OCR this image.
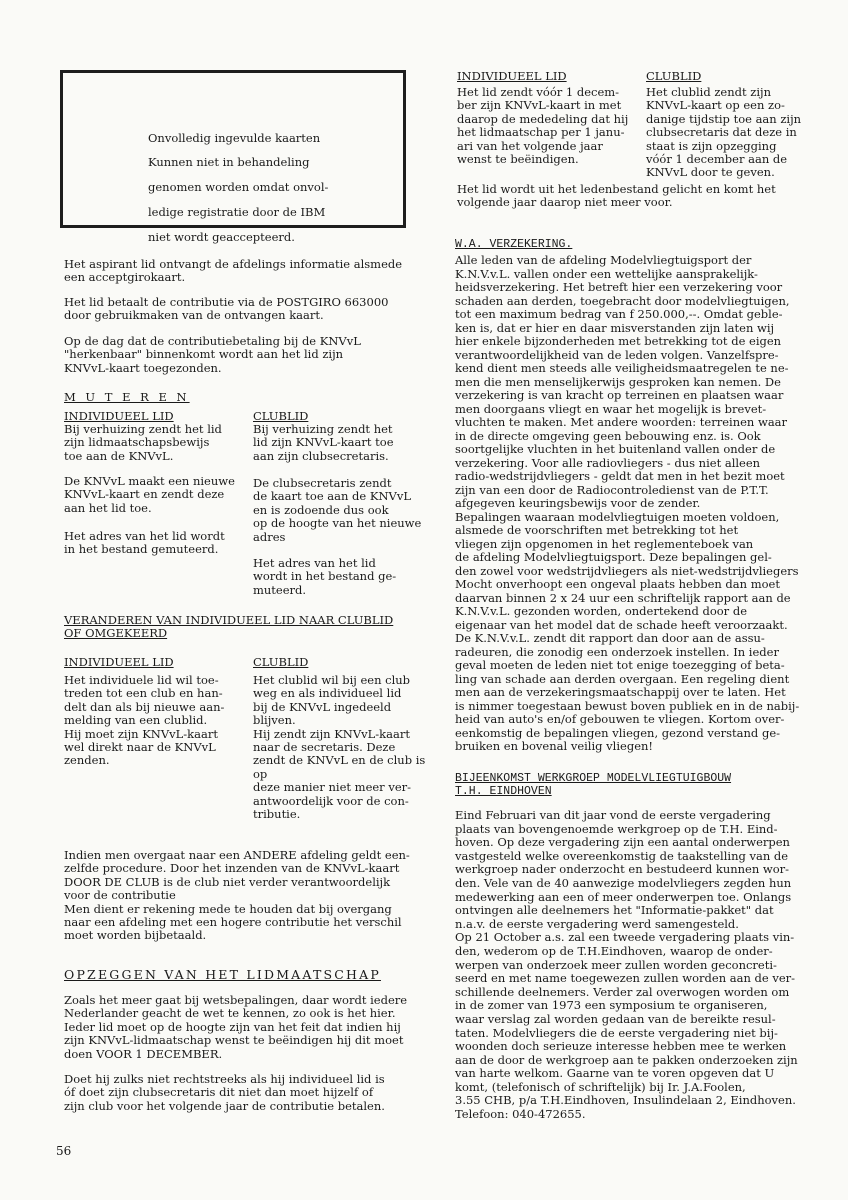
Onvolledig ingevulde kaarten

Kunnen niet in behandeling

genomen worden omdat onvol-

ledige registratie door de IBM

niet wordt geaccepteerd.

INDIVIDUEEL LID

Het lid zendt vóór 1 decem-

ber zijn KNVvL-kaart in met

daarop de mededeling dat hij

het lidmaatschap per 1 janu-

ari van het volgende jaar

wenst te beëindigen.

CLUBLID

Het clublid zendt zijn

KNVvL-kaart op een zo-

danige tijdstip toe aan zijn

clubsecretaris dat deze in

staat is zijn opzegging

vóór 1 december aan de

KNVvL door te geven.

Het lid wordt uit het ledenbestand gelicht en komt het

volgende jaar daarop niet meer voor.

Het aspirant lid ontvangt de afdelings informatie alsmede

een acceptgirokaart.

Het lid betaalt de contributie via de POSTGIRO 663000

door gebruikmaken van de ontvangen kaart.

Op de dag dat de contributiebetaling bij de KNVvL

"herkenbaar" binnenkomt wordt aan het lid zijn

KNVvL-kaart toegezonden.

M U T E R E N
INDIVIDUEEL LID

Bij verhuizing zendt het lid

zijn lidmaatschapsbewijs

toe aan de KNVvL.

De KNVvL maakt een nieuwe

KNVvL-kaart en zendt deze

aan het lid toe.

Het adres van het lid wordt

in het bestand gemuteerd.

CLUBLID

Bij verhuizing zendt het

lid zijn KNVvL-kaart toe

aan zijn clubsecretaris.

De clubsecretaris zendt

de kaart toe aan de KNVvL

en is zodoende dus ook

op de hoogte van het nieuwe

adres

Het adres van het lid

wordt in het bestand ge-

muteerd.

VERANDEREN VAN INDIVIDUEEL LID NAAR CLUBLID

OF OMGEKEERD

INDIVIDUEEL LID

Het individuele lid wil toe-

treden tot een club en han-

delt dan als bij nieuwe aan-

melding van een clublid.

Hij moet zijn KNVvL-kaart

wel direkt naar de KNVvL

zenden.

CLUBLID

Het clublid wil bij een club

weg en als individueel lid

bij de KNVvL ingedeeld

blijven.

Hij zendt zijn KNVvL-kaart

naar de secretaris. Deze

zendt de KNVvL en de club is op

deze manier niet meer ver-

antwoordelijk voor de con-

tributie.

Indien men overgaat naar een ANDERE afdeling geldt een-

zelfde procedure. Door het inzenden van de KNVvL-kaart

DOOR DE CLUB is de club niet verder verantwoordelijk

voor de contributie

Men dient er rekening mede te houden dat bij overgang

naar een afdeling met een hogere contributie het verschil

moet worden bijbetaald.

OPZEGGEN VAN HET LIDMAATSCHAP

Zoals het meer gaat bij wetsbepalingen, daar wordt iedere

Nederlander geacht de wet te kennen, zo ook is het hier.

Ieder lid moet op de hoogte zijn van het feit dat indien hij

zijn KNVvL-lidmaatschap wenst te beëindigen hij dit moet

doen VOOR 1 DECEMBER.

Doet hij zulks niet rechtstreeks als hij individueel lid is

óf doet zijn clubsecretaris dit niet dan moet hijzelf of

zijn club voor het volgende jaar de contributie betalen.

W.A. VERZEKERING.

Alle leden van de afdeling Modelvliegtuigsport der

K.N.V.v.L. vallen onder een wettelijke aansprakelijk-

heidsverzekering. Het betreft hier een verzekering voor

schaden aan derden, toegebracht door modelvliegtuigen,

tot een maximum bedrag van f 250.000,--. Omdat geble-

ken is, dat er hier en daar misverstanden zijn laten wij

hier enkele bijzonderheden met betrekking tot de eigen

verantwoordelijkheid van de leden volgen. Vanzelfspre-

kend dient men steeds alle veiligheidsmaatregelen te ne-

men die men menselijkerwijs gesproken kan nemen. De

verzekering is van kracht op terreinen en plaatsen waar

men doorgaans vliegt en waar het mogelijk is brevet-

vluchten te maken. Met andere woorden: terreinen waar

in de directe omgeving geen bebouwing enz. is. Ook

soortgelijke vluchten in het buitenland vallen onder de

verzekering. Voor alle radiovliegers - dus niet alleen

radio-wedstrijdvliegers - geldt dat men in het bezit moet

zijn van een door de Radiocontroledienst van de P.T.T.

afgegeven keuringsbewijs voor de zender.

Bepalingen waaraan modelvliegtuigen moeten voldoen,

alsmede de voorschriften met betrekking tot het

vliegen zijn opgenomen in het reglementeboek van

de afdeling Modelvliegtuigsport. Deze bepalingen gel-

den zowel voor wedstrijdvliegers als niet-wedstrijdvliegers

Mocht onverhoopt een ongeval plaats hebben dan moet

daarvan binnen 2 x 24 uur een schriftelijk rapport aan de

K.N.V.v.L. gezonden worden, ondertekend door de

eigenaar van het model dat de schade heeft veroorzaakt.

De K.N.V.v.L. zendt dit rapport dan door aan de assu-

radeuren, die zonodig een onderzoek instellen. In ieder

geval moeten de leden niet tot enige toezegging of beta-

ling van schade aan derden overgaan. Een regeling dient

men aan de verzekeringsmaatschappij over te laten. Het

is nimmer toegestaan bewust boven publiek en in de nabij-

heid van auto's en/of gebouwen te vliegen. Kortom over-

eenkomstig de bepalingen vliegen, gezond verstand ge-

bruiken en bovenal veilig vliegen!

BIJEENKOMST WERKGROEP MODELVLIEGTUIGBOUW

T.H. EINDHOVEN

Eind Februari van dit jaar vond de eerste vergadering

plaats van bovengenoemde werkgroep op de T.H. Eind-

hoven. Op deze vergadering zijn een aantal onderwerpen

vastgesteld welke overeenkomstig de taakstelling van de

werkgroep nader onderzocht en bestudeerd kunnen wor-

den. Vele van de 40 aanwezige modelvliegers zegden hun

medewerking aan een of meer onderwerpen toe. Onlangs

ontvingen alle deelnemers het "Informatie-pakket" dat

n.a.v. de eerste vergadering werd samengesteld.

Op 21 October a.s. zal een tweede vergadering plaats vin-

den, wederom op de T.H.Eindhoven, waarop de onder-

werpen van onderzoek meer zullen worden geconcreti-

seerd en met name toegewezen zullen worden aan de ver-

schillende deelnemers. Verder zal overwogen worden om

in de zomer van 1973 een symposium te organiseren,

waar verslag zal worden gedaan van de bereikte resul-

taten. Modelvliegers die de eerste vergadering niet bij-

woonden doch serieuze interesse hebben mee te werken

aan de door de werkgroep aan te pakken onderzoeken zijn

van harte welkom. Gaarne van te voren opgeven dat U

komt, (telefonisch of schriftelijk) bij Ir. J.A.Foolen,

3.55 CHB, p/a T.H.Eindhoven, Insulindelaan 2, Eindhoven.

Telefoon: 040-472655.

56
